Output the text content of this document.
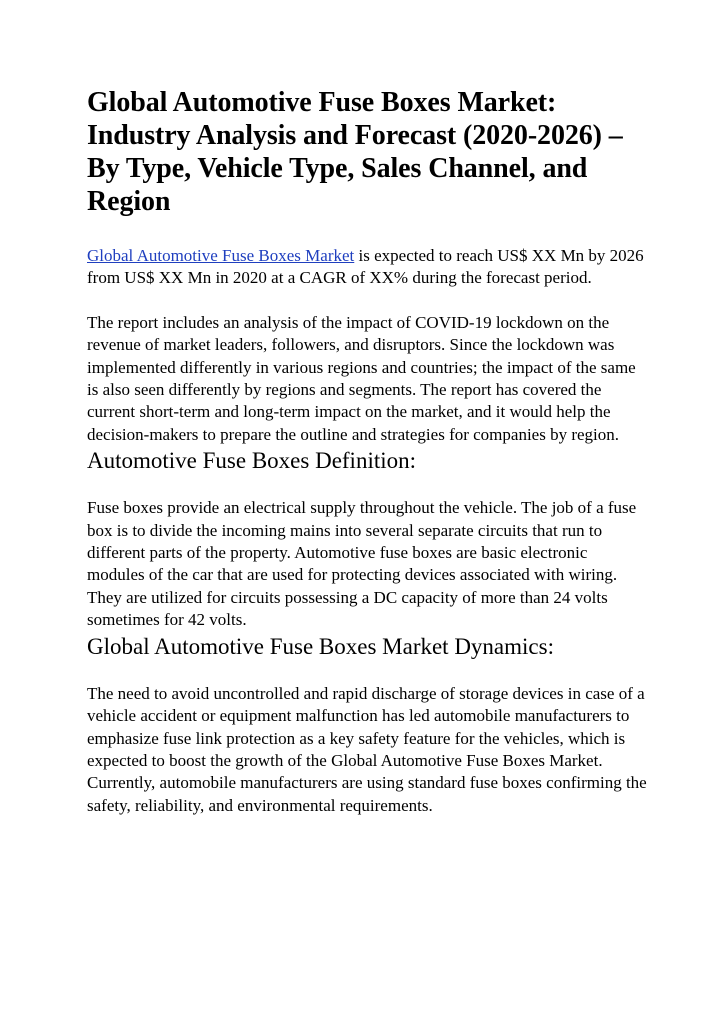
Global Automotive Fuse Boxes Market: Industry Analysis and Forecast (2020-2026) – By Type, Vehicle Type, Sales Channel, and Region

Global Automotive Fuse Boxes Market is expected to reach US$ XX Mn by 2026 from US$ XX Mn in 2020 at a CAGR of XX% during the forecast period.

The report includes an analysis of the impact of COVID-19 lockdown on the revenue of market leaders, followers, and disruptors. Since the lockdown was implemented differently in various regions and countries; the impact of the same is also seen differently by regions and segments. The report has covered the current short-term and long-term impact on the market, and it would help the decision-makers to prepare the outline and strategies for companies by region.

Automotive Fuse Boxes Definition:

Fuse boxes provide an electrical supply throughout the vehicle. The job of a fuse box is to divide the incoming mains into several separate circuits that run to different parts of the property. Automotive fuse boxes are basic electronic modules of the car that are used for protecting devices associated with wiring. They are utilized for circuits possessing a DC capacity of more than 24 volts sometimes for 42 volts.

Global Automotive Fuse Boxes Market Dynamics:

The need to avoid uncontrolled and rapid discharge of storage devices in case of a vehicle accident or equipment malfunction has led automobile manufacturers to emphasize fuse link protection as a key safety feature for the vehicles, which is expected to boost the growth of the Global Automotive Fuse Boxes Market. Currently, automobile manufacturers are using standard fuse boxes confirming the safety, reliability, and environmental requirements.
